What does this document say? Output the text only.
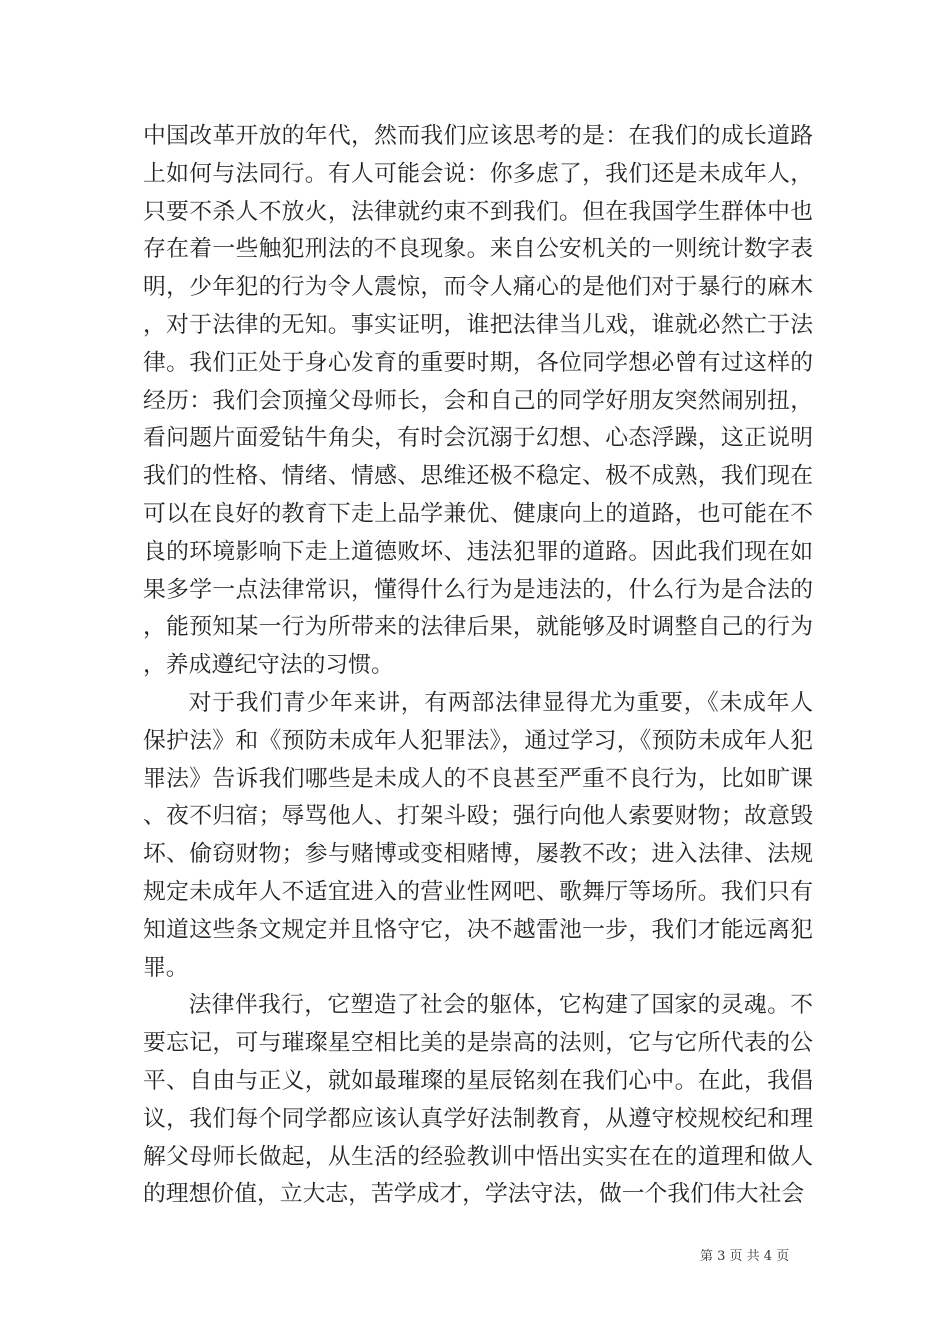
中国改革开放的年代，然而我们应该思考的是：在我们的成长道路上如何与法同行。有人可能会说：你多虑了，我们还是未成年人，只要不杀人不放火，法律就约束不到我们。但在我国学生群体中也存在着一些触犯刑法的不良现象。来自公安机关的一则统计数字表明，少年犯的行为令人震惊，而令人痛心的是他们对于暴行的麻木，对于法律的无知。事实证明，谁把法律当儿戏，谁就必然亡于法律。我们正处于身心发育的重要时期，各位同学想必曾有过这样的经历：我们会顶撞父母师长，会和自己的同学好朋友突然闹别扭，看问题片面爱钻牛角尖，有时会沉溺于幻想、心态浮躁，这正说明我们的性格、情绪、情感、思维还极不稳定、极不成熟，我们现在可以在良好的教育下走上品学兼优、健康向上的道路，也可能在不良的环境影响下走上道德败坏、违法犯罪的道路。因此我们现在如果多学一点法律常识，懂得什么行为是违法的，什么行为是合法的，能预知某一行为所带来的法律后果，就能够及时调整自己的行为，养成遵纪守法的习惯。

对于我们青少年来讲，有两部法律显得尤为重要，《未成年人保护法》和《预防未成年人犯罪法》，通过学习，《预防未成年人犯罪法》告诉我们哪些是未成人的不良甚至严重不良行为，比如旷课、夜不归宿；辱骂他人、打架斗殴；强行向他人索要财物；故意毁坏、偷窃财物；参与赌博或变相赌博，屡教不改；进入法律、法规规定未成年人不适宜进入的营业性网吧、歌舞厅等场所。我们只有知道这些条文规定并且恪守它，决不越雷池一步，我们才能远离犯罪。

法律伴我行，它塑造了社会的躯体，它构建了国家的灵魂。不要忘记，可与璀璨星空相比美的是崇高的法则，它与它所代表的公平、自由与正义，就如最璀璨的星辰铭刻在我们心中。在此，我倡议，我们每个同学都应该认真学好法制教育，从遵守校规校纪和理解父母师长做起，从生活的经验教训中悟出实实在在的道理和做人的理想价值，立大志，苦学成才，学法守法，做一个我们伟大社会

第 3 页 共 4 页
